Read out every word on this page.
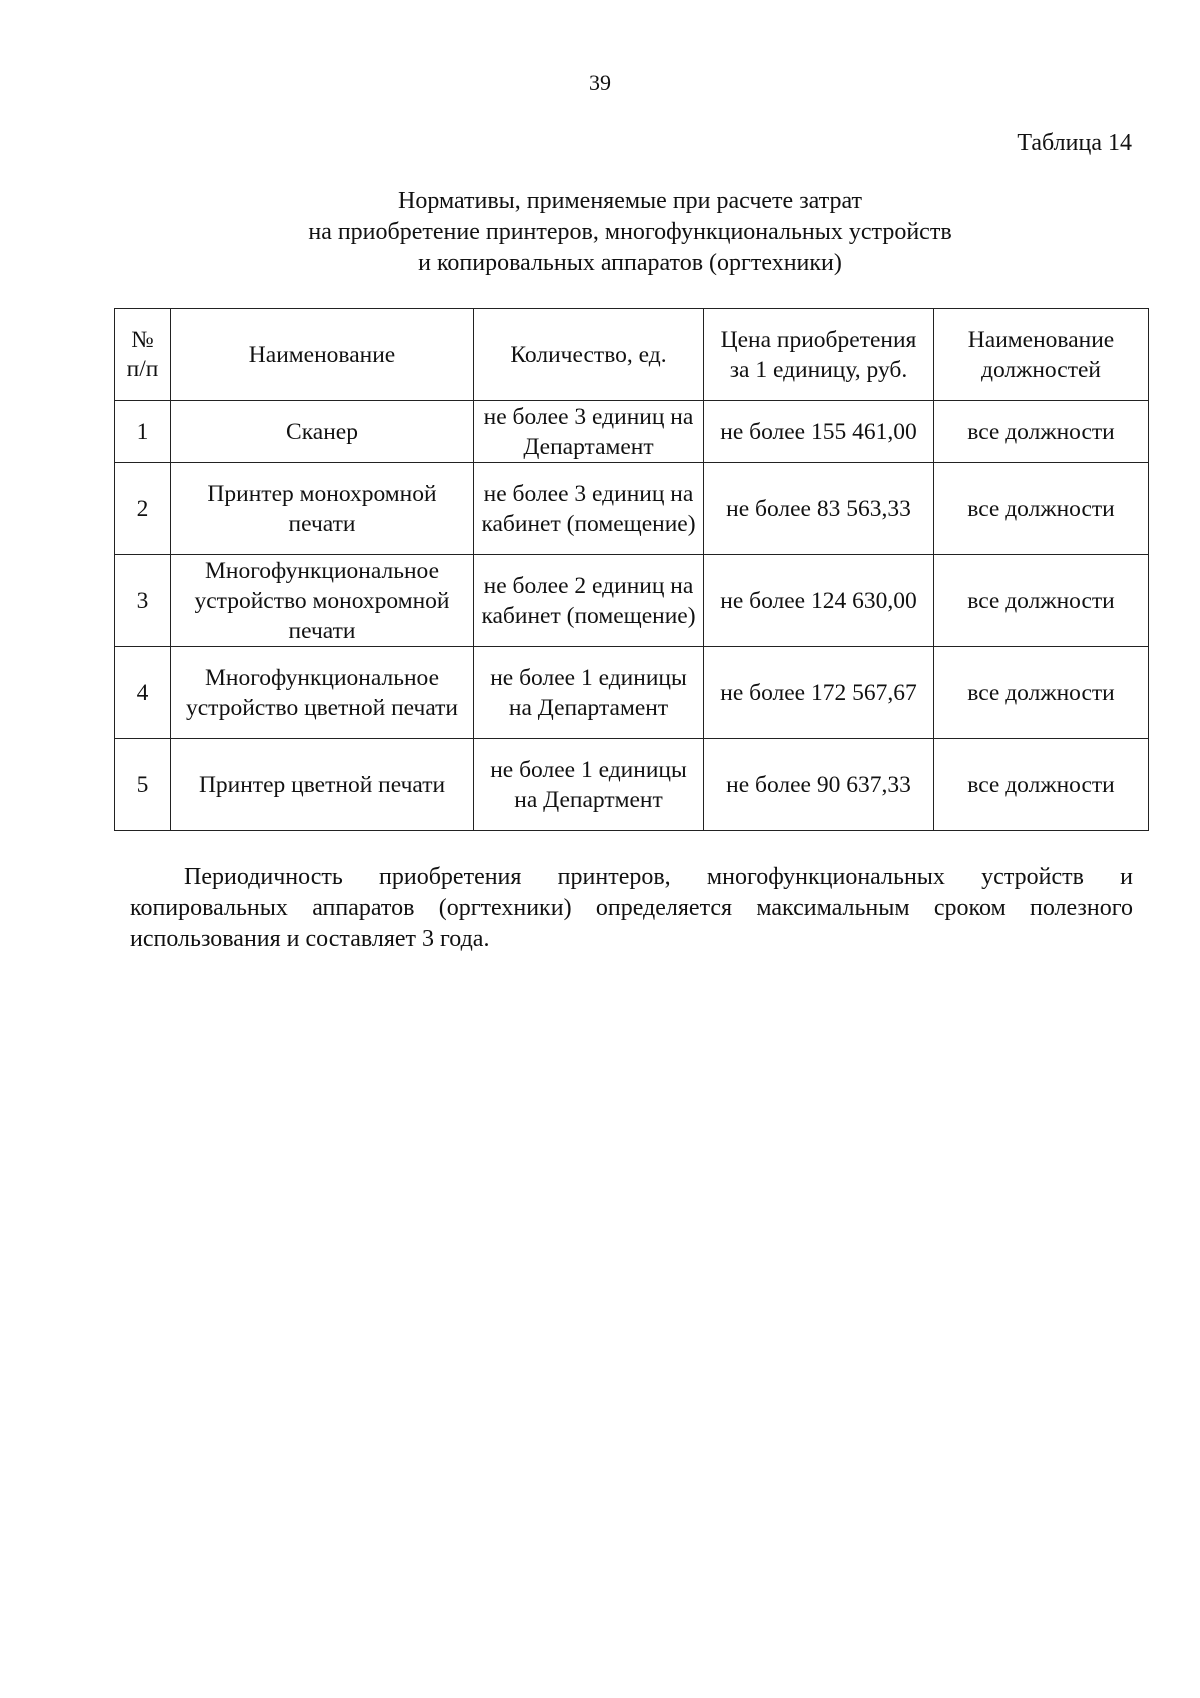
39
Таблица 14
Нормативы, применяемые при расчете затрат
на приобретение принтеров, многофункциональных устройств
и копировальных аппаратов (оргтехники)
№ п/п	Наименование	Количество, ед.	Цена приобретения за 1 единицу, руб.	Наименование должностей
1	Сканер	не более 3 единиц на Департамент	не более 155 461,00	все должности
2	Принтер монохромной печати	не более 3 единиц на кабинет (помещение)	не более 83 563,33	все должности
3	Многофункциональное устройство монохромной печати	не более 2 единиц на кабинет (помещение)	не более 124 630,00	все должности
4	Многофункциональное устройство цветной печати	не более 1 единицы на Департамент	не более 172 567,67	все должности
5	Принтер цветной печати	не более 1 единицы на Департмент	не более 90 637,33	все должности

Периодичность приобретения принтеров, многофункциональных устройств и копировальных аппаратов (оргтехники) определяется максимальным сроком полезного использования и составляет 3 года.
